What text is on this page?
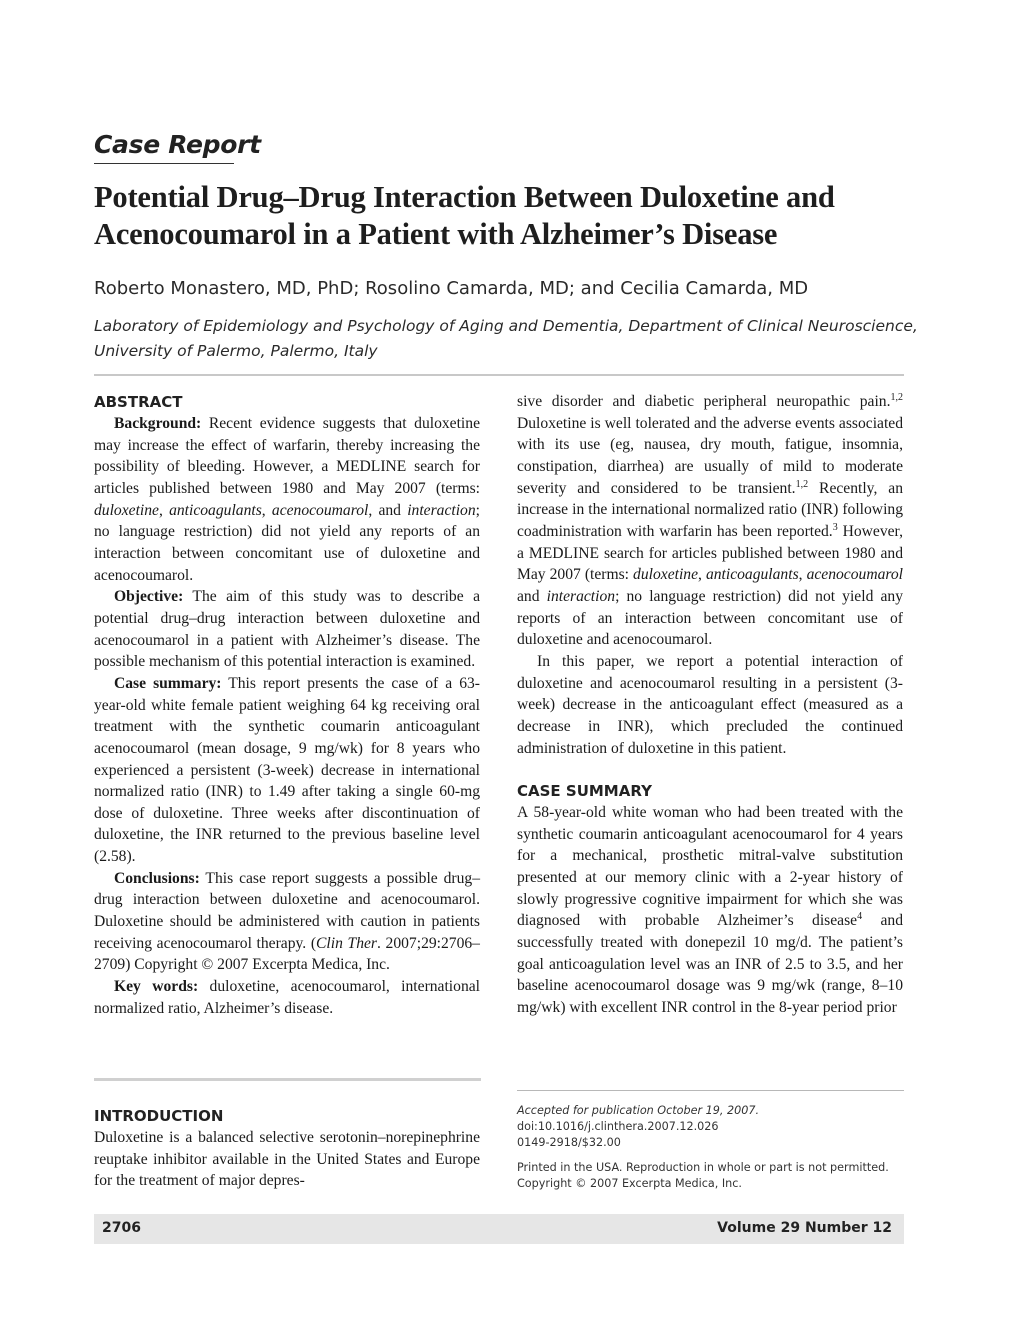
Case Report
Potential Drug–Drug Interaction Between Duloxetine and Acenocoumarol in a Patient with Alzheimer’s Disease
Roberto Monastero, MD, PhD; Rosolino Camarda, MD; and Cecilia Camarda, MD
Laboratory of Epidemiology and Psychology of Aging and Dementia, Department of Clinical Neuroscience, University of Palermo, Palermo, Italy
ABSTRACT

Background: Recent evidence suggests that duloxetine may increase the effect of warfarin, thereby increasing the possibility of bleeding. However, a MEDLINE search for articles published between 1980 and May 2007 (terms: duloxetine, anticoagulants, acenocoumarol, and interaction; no language restriction) did not yield any reports of an interaction between concomitant use of duloxetine and acenocoumarol.

Objective: The aim of this study was to describe a potential drug–drug interaction between duloxetine and acenocoumarol in a patient with Alzheimer’s disease. The possible mechanism of this potential interaction is examined.

Case summary: This report presents the case of a 63-year-old white female patient weighing 64 kg receiving oral treatment with the synthetic coumarin anticoagulant acenocoumarol (mean dosage, 9 mg/wk) for 8 years who experienced a persistent (3-week) decrease in international normalized ratio (INR) to 1.49 after taking a single 60-mg dose of duloxetine. Three weeks after discontinuation of duloxetine, the INR returned to the previous baseline level (2.58).

Conclusions: This case report suggests a possible drug–drug interaction between duloxetine and acenocoumarol. Duloxetine should be administered with caution in patients receiving acenocoumarol therapy. (Clin Ther. 2007;29:2706–2709) Copyright © 2007 Excerpta Medica, Inc.

Key words: duloxetine, acenocoumarol, international normalized ratio, Alzheimer’s disease.

INTRODUCTION

Duloxetine is a balanced selective serotonin–norepinephrine reuptake inhibitor available in the United States and Europe for the treatment of major depres-

sive disorder and diabetic peripheral neuropathic pain.$^{1,2}$ Duloxetine is well tolerated and the adverse events associated with its use (eg, nausea, dry mouth, fatigue, insomnia, constipation, diarrhea) are usually of mild to moderate severity and considered to be transient.$^{1,2}$ Recently, an increase in the international normalized ratio (INR) following coadministration with warfarin has been reported.$^3$ However, a MEDLINE search for articles published between 1980 and May 2007 (terms: duloxetine, anticoagulants, acenocoumarol and interaction; no language restriction) did not yield any reports of an interaction between concomitant use of duloxetine and acenocoumarol.

In this paper, we report a potential interaction of duloxetine and acenocoumarol resulting in a persistent (3-week) decrease in the anticoagulant effect (measured as a decrease in INR), which precluded the continued administration of duloxetine in this patient.

CASE SUMMARY

A 58-year-old white woman who had been treated with the synthetic coumarin anticoagulant acenocoumarol for 4 years for a mechanical, prosthetic mitral-valve substitution presented at our memory clinic with a 2-year history of slowly progressive cognitive impairment for which she was diagnosed with probable Alzheimer’s disease$^4$ and successfully treated with donepezil 10 mg/d. The patient’s goal anticoagulation level was an INR of 2.5 to 3.5, and her baseline acenocoumarol dosage was 9 mg/wk (range, 8–10 mg/wk) with excellent INR control in the 8-year period prior

Accepted for publication October 19, 2007.
doi:10.1016/j.clinthera.2007.12.026
0149-2918/$32.00
Printed in the USA. Reproduction in whole or part is not permitted.
Copyright © 2007 Excerpta Medica, Inc.
2706	Volume 29 Number 12
